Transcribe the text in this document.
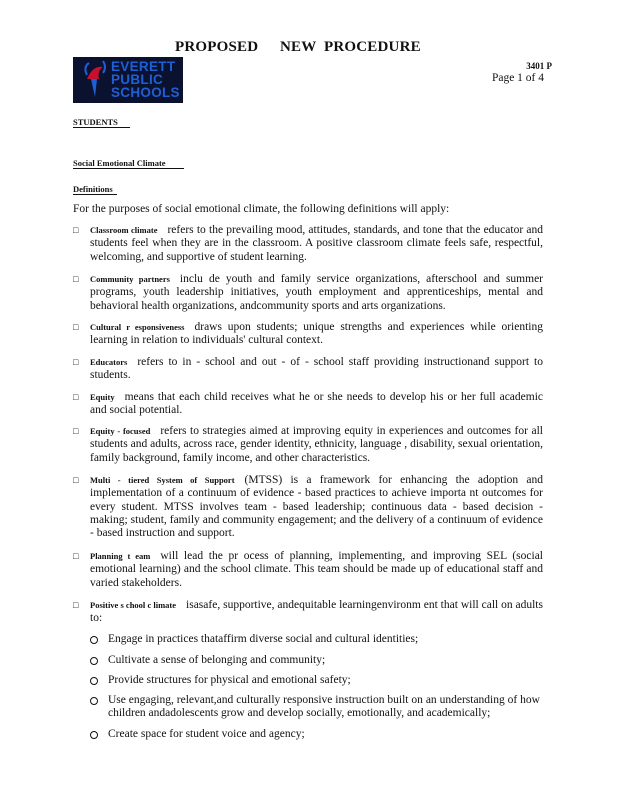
PROPOSED NEW PROCEDURE
EVERETT
PUBLIC
SCHOOLS
3401 P
Page 1 of 4
STUDENTS
Social Emotional Climate
Definitions
For the purposes of social emotional climate, the following definitions will apply:
□ Classroom climate refers to the prevailing mood, attitudes, standards, and tone that the educator and students feel when they are in the classroom. A positive classroom climate feels safe, respectful, welcoming, and supportive of student learning.
□ Community partners inclu de youth and family service organizations, afterschool and summer programs, youth leadership initiatives, youth employment and apprenticeships, mental and behavioral health organizations, andcommunity sports and arts organizations.
□ Cultural r esponsiveness draws upon students; unique strengths and experiences while orienting learning in relation to individuals' cultural context.
□ Educators refers to in - school and out - of - school staff providing instructionand support to students.
□ Equity means that each child receives what he or she needs to develop his or her full academic and social potential.
□ Equity - focused refers to strategies aimed at improving equity in experiences and outcomes for all students and adults, across race, gender identity, ethnicity, language , disability, sexual orientation, family background, family income, and other characteristics.
□ Multi - tiered System of Support (MTSS) is a framework for enhancing the adoption and implementation of a continuum of evidence - based practices to achieve importa nt outcomes for every student. MTSS involves team - based leadership; continuous data - based decision - making; student, family and community engagement; and the delivery of a continuum of evidence - based instruction and support.
□ Planning t eam will lead the pr ocess of planning, implementing, and improving SEL (social emotional learning) and the school climate. This team should be made up of educational staff and varied stakeholders.
□ Positive s chool c limate isasafe, supportive, andequitable learningenvironm ent that will call on adults to:
Engage in practices thataffirm diverse social and cultural identities;
Cultivate a sense of belonging and community;
Provide structures for physical and emotional safety;
Use engaging, relevant,and culturally responsive instruction built on an understanding of how children andadolescents grow and develop socially, emotionally, and academically;
Create space for student voice and agency;
